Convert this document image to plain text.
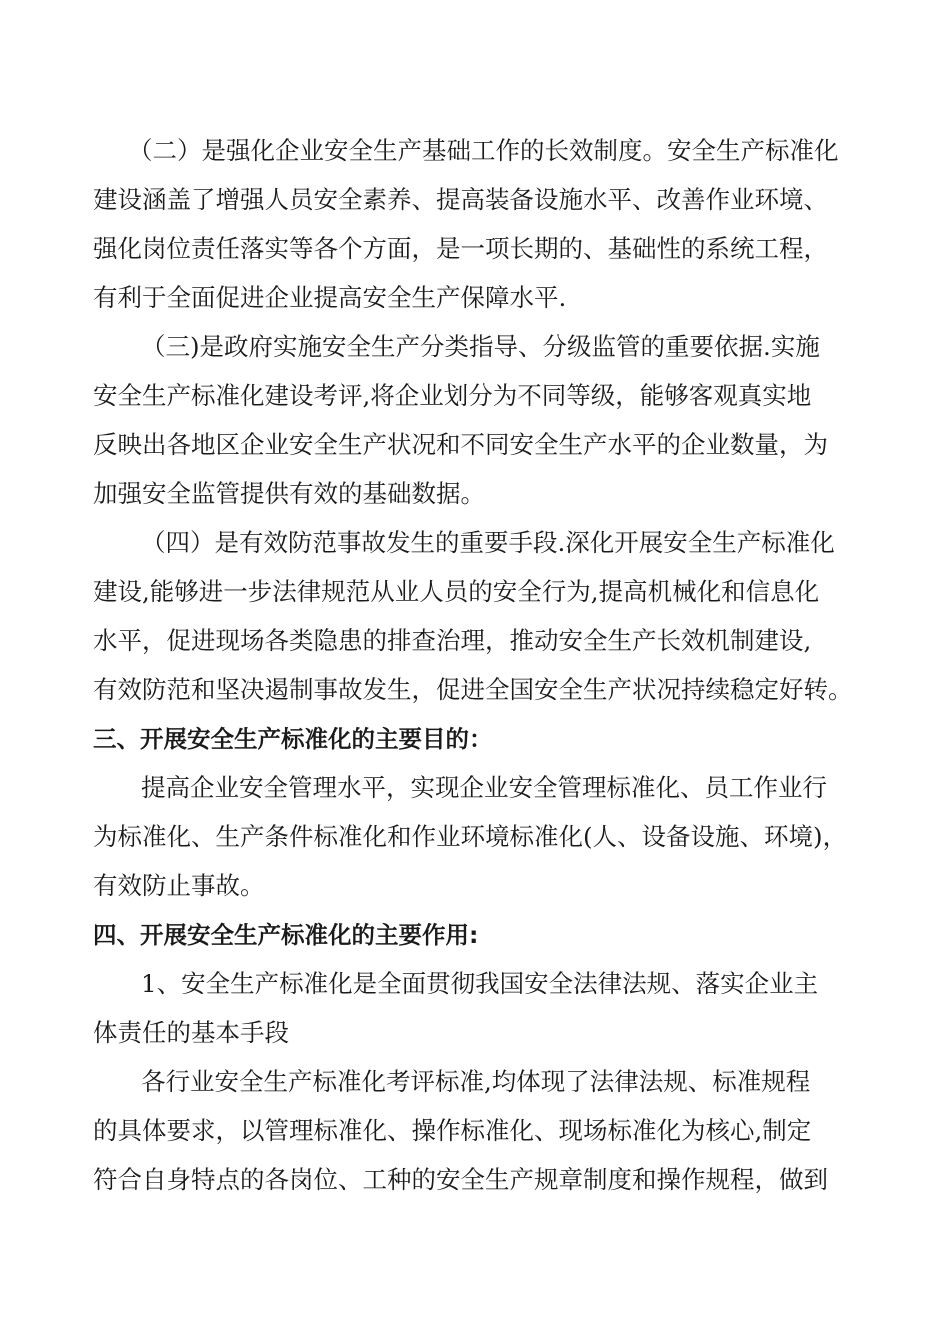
（二）是强化企业安全生产基础工作的长效制度。安全生产标准化
建设涵盖了增强人员安全素养、提高装备设施水平、改善作业环境、
强化岗位责任落实等各个方面，是一项长期的、基础性的系统工程，
有利于全面促进企业提高安全生产保障水平.
（三)是政府实施安全生产分类指导、分级监管的重要依据.实施
安全生产标准化建设考评,将企业划分为不同等级，能够客观真实地
反映出各地区企业安全生产状况和不同安全生产水平的企业数量，为
加强安全监管提供有效的基础数据。
（四）是有效防范事故发生的重要手段.深化开展安全生产标准化
建设,能够进一步法律规范从业人员的安全行为,提高机械化和信息化
水平，促进现场各类隐患的排查治理，推动安全生产长效机制建设,
有效防范和坚决遏制事故发生，促进全国安全生产状况持续稳定好转。
三、开展安全生产标准化的主要目的：
提高企业安全管理水平，实现企业安全管理标准化、员工作业行
为标准化、生产条件标准化和作业环境标准化(人、设备设施、环境)，
有效防止事故。
四、开展安全生产标准化的主要作用:
1、安全生产标准化是全面贯彻我国安全法律法规、落实企业主
体责任的基本手段
各行业安全生产标准化考评标准,均体现了法律法规、标准规程
的具体要求，以管理标准化、操作标准化、现场标准化为核心,制定
符合自身特点的各岗位、工种的安全生产规章制度和操作规程，做到
